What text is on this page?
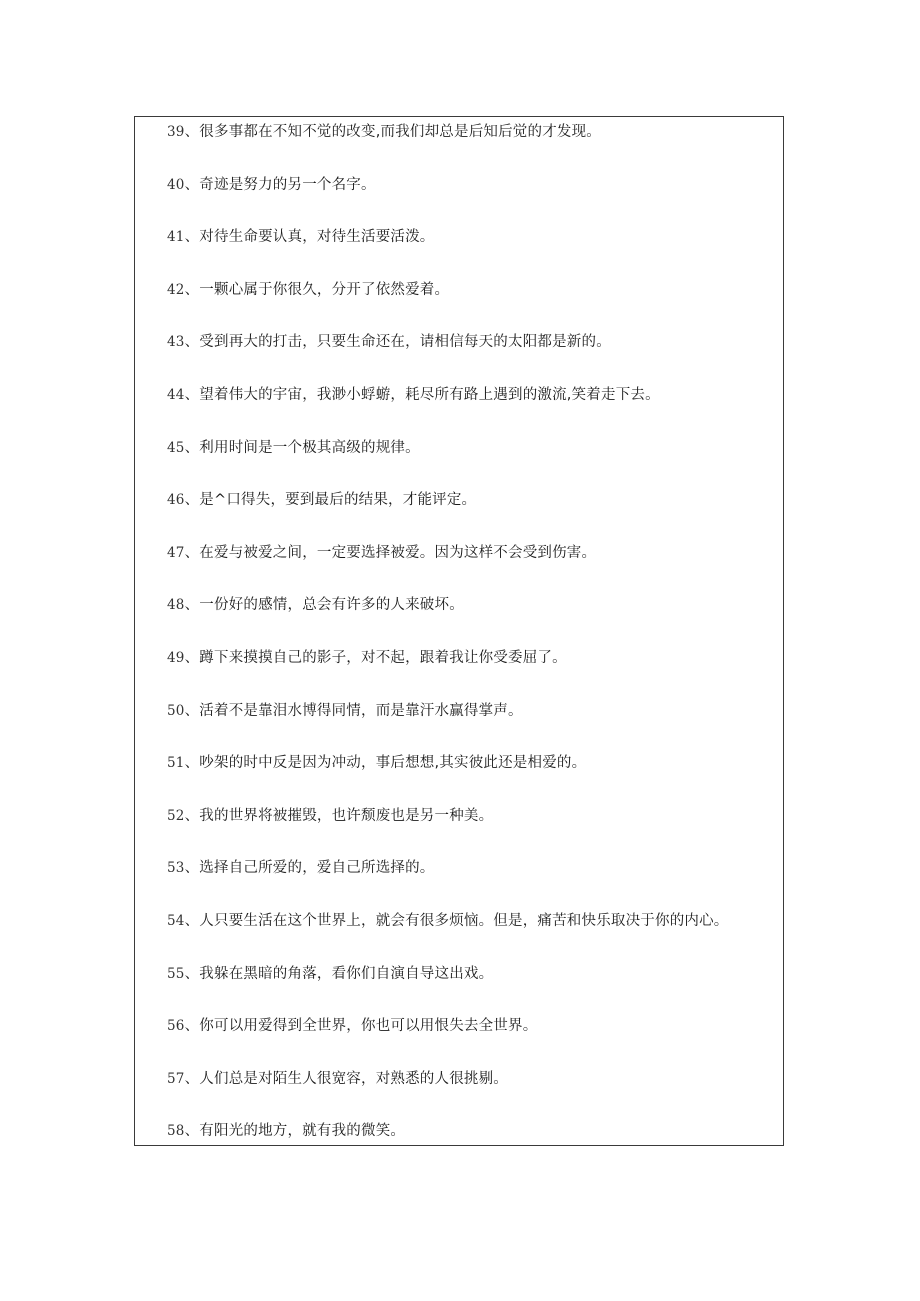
39、很多事都在不知不觉的改变,而我们却总是后知后觉的才发现。
40、奇迹是努力的另一个名字。
41、对待生命要认真，对待生活要活泼。
42、一颗心属于你很久，分开了依然爱着。
43、受到再大的打击，只要生命还在，请相信每天的太阳都是新的。
44、望着伟大的宇宙，我渺小蜉蝣，耗尽所有路上遇到的激流,笑着走下去。
45、利用时间是一个极其高级的规律。
46、是^口得失，要到最后的结果，才能评定。
47、在爱与被爱之间，一定要选择被爱。因为这样不会受到伤害。
48、一份好的感情，总会有许多的人来破坏。
49、蹲下来摸摸自己的影子，对不起，跟着我让你受委屈了。
50、活着不是靠泪水博得同情，而是靠汗水赢得掌声。
51、吵架的时中反是因为冲动，事后想想,其实彼此还是相爱的。
52、我的世界将被摧毁，也许颓废也是另一种美。
53、选择自己所爱的，爱自己所选择的。
54、人只要生活在这个世界上，就会有很多烦恼。但是，痛苦和快乐取决于你的内心。
55、我躲在黑暗的角落，看你们自演自导这出戏。
56、你可以用爱得到全世界，你也可以用恨失去全世界。
57、人们总是对陌生人很宽容，对熟悉的人很挑剔。
58、有阳光的地方，就有我的微笑。
